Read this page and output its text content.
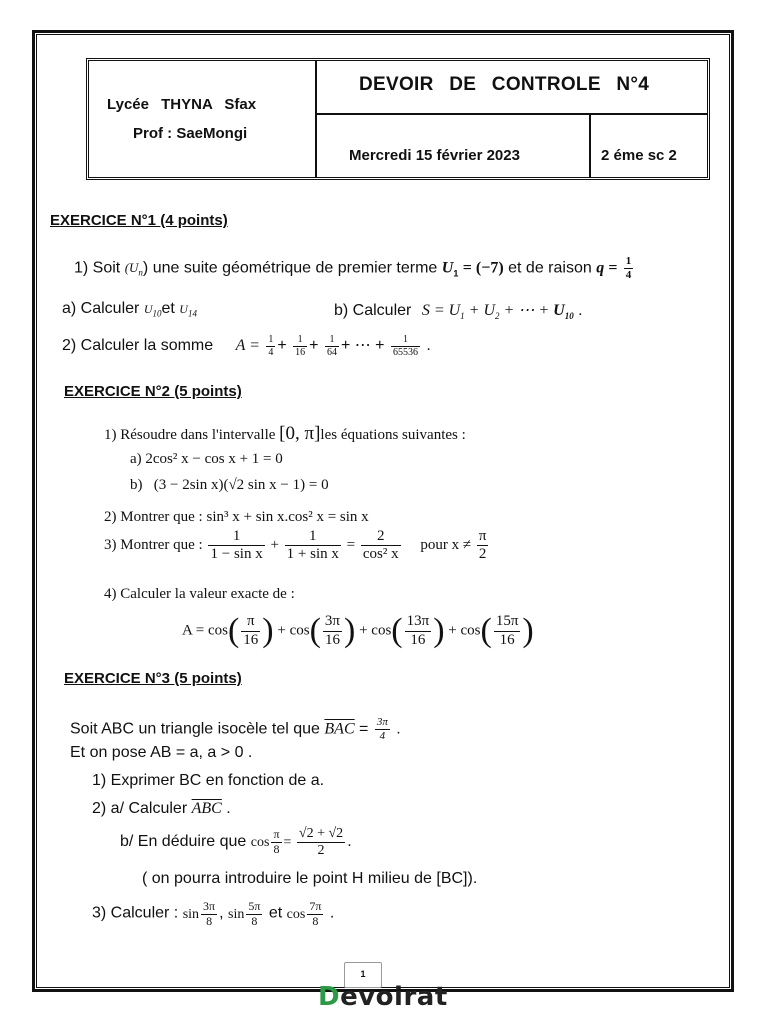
Lycée THYNA Sfax
Prof : SaeMongi
DEVOIR DE CONTROLE N°4
Mercredi 15 février 2023	2 éme sc 2
EXERCICE N°1 (4 points)
1) Soit $(U_n)$ une suite géométrique de premier terme $U_1 = (-7)$ et de raison $q = \frac{1}{4}$
a) Calculer $U_{10}et$ $U_{14}$	b) Calculer $S = U_1 + U_2$ + ⋯ + $U_{10}$ .
2) Calculer la somme $A = \frac{1}{4} + \frac{1}{16} + \frac{1}{64}$ + ⋯ + $\frac{1}{65536}$ .
EXERCICE N°2 (5 points)
1) Résoudre dans l'intervalle [0, π]les équations suivantes :
a) 2cos² x − cos x + 1 = 0
b) (3 − 2sin x)(√2 sin x − 1) = 0
2) Montrer que : sin³ x + sin x.cos² x = sin x
3) Montrer que : $\frac{1}{\text{1 − sin x}} + \frac{1}{\text{1 + sin x}} = \frac{2}{\text{cos² x}}$ pour $x \ne \frac{\pi}{2}$
4) Calculer la valeur exacte de :
$A = \cos( \frac{\pi}{16}$ ) + $\cos( \frac{3\pi}{16}$ ) + $\cos( \frac{13\pi}{16}$ ) + $\cos( \frac{15\pi}{16}$ )
EXERCICE N°3 (5 points)
Soit ABC un triangle isocèle tel que $\overline{BAC} = \frac{3\pi}{4}$ .
Et on pose AB = a, a > 0 .
1) Exprimer BC en fonction de a.
2) a/ Calculer $\overline{ABC}$ .
b/ En déduire que $\cos \frac{\pi}{8} = \frac{√2 + √2}{2}$ .
( on pourra introduire le point H milieu de [BC]).
3) Calculer : $\sin \frac{3\pi}{8}$ , $\sin \frac{5\pi}{8}$ et $\cos \frac{7\pi}{8}$ .
1
Devoirat
